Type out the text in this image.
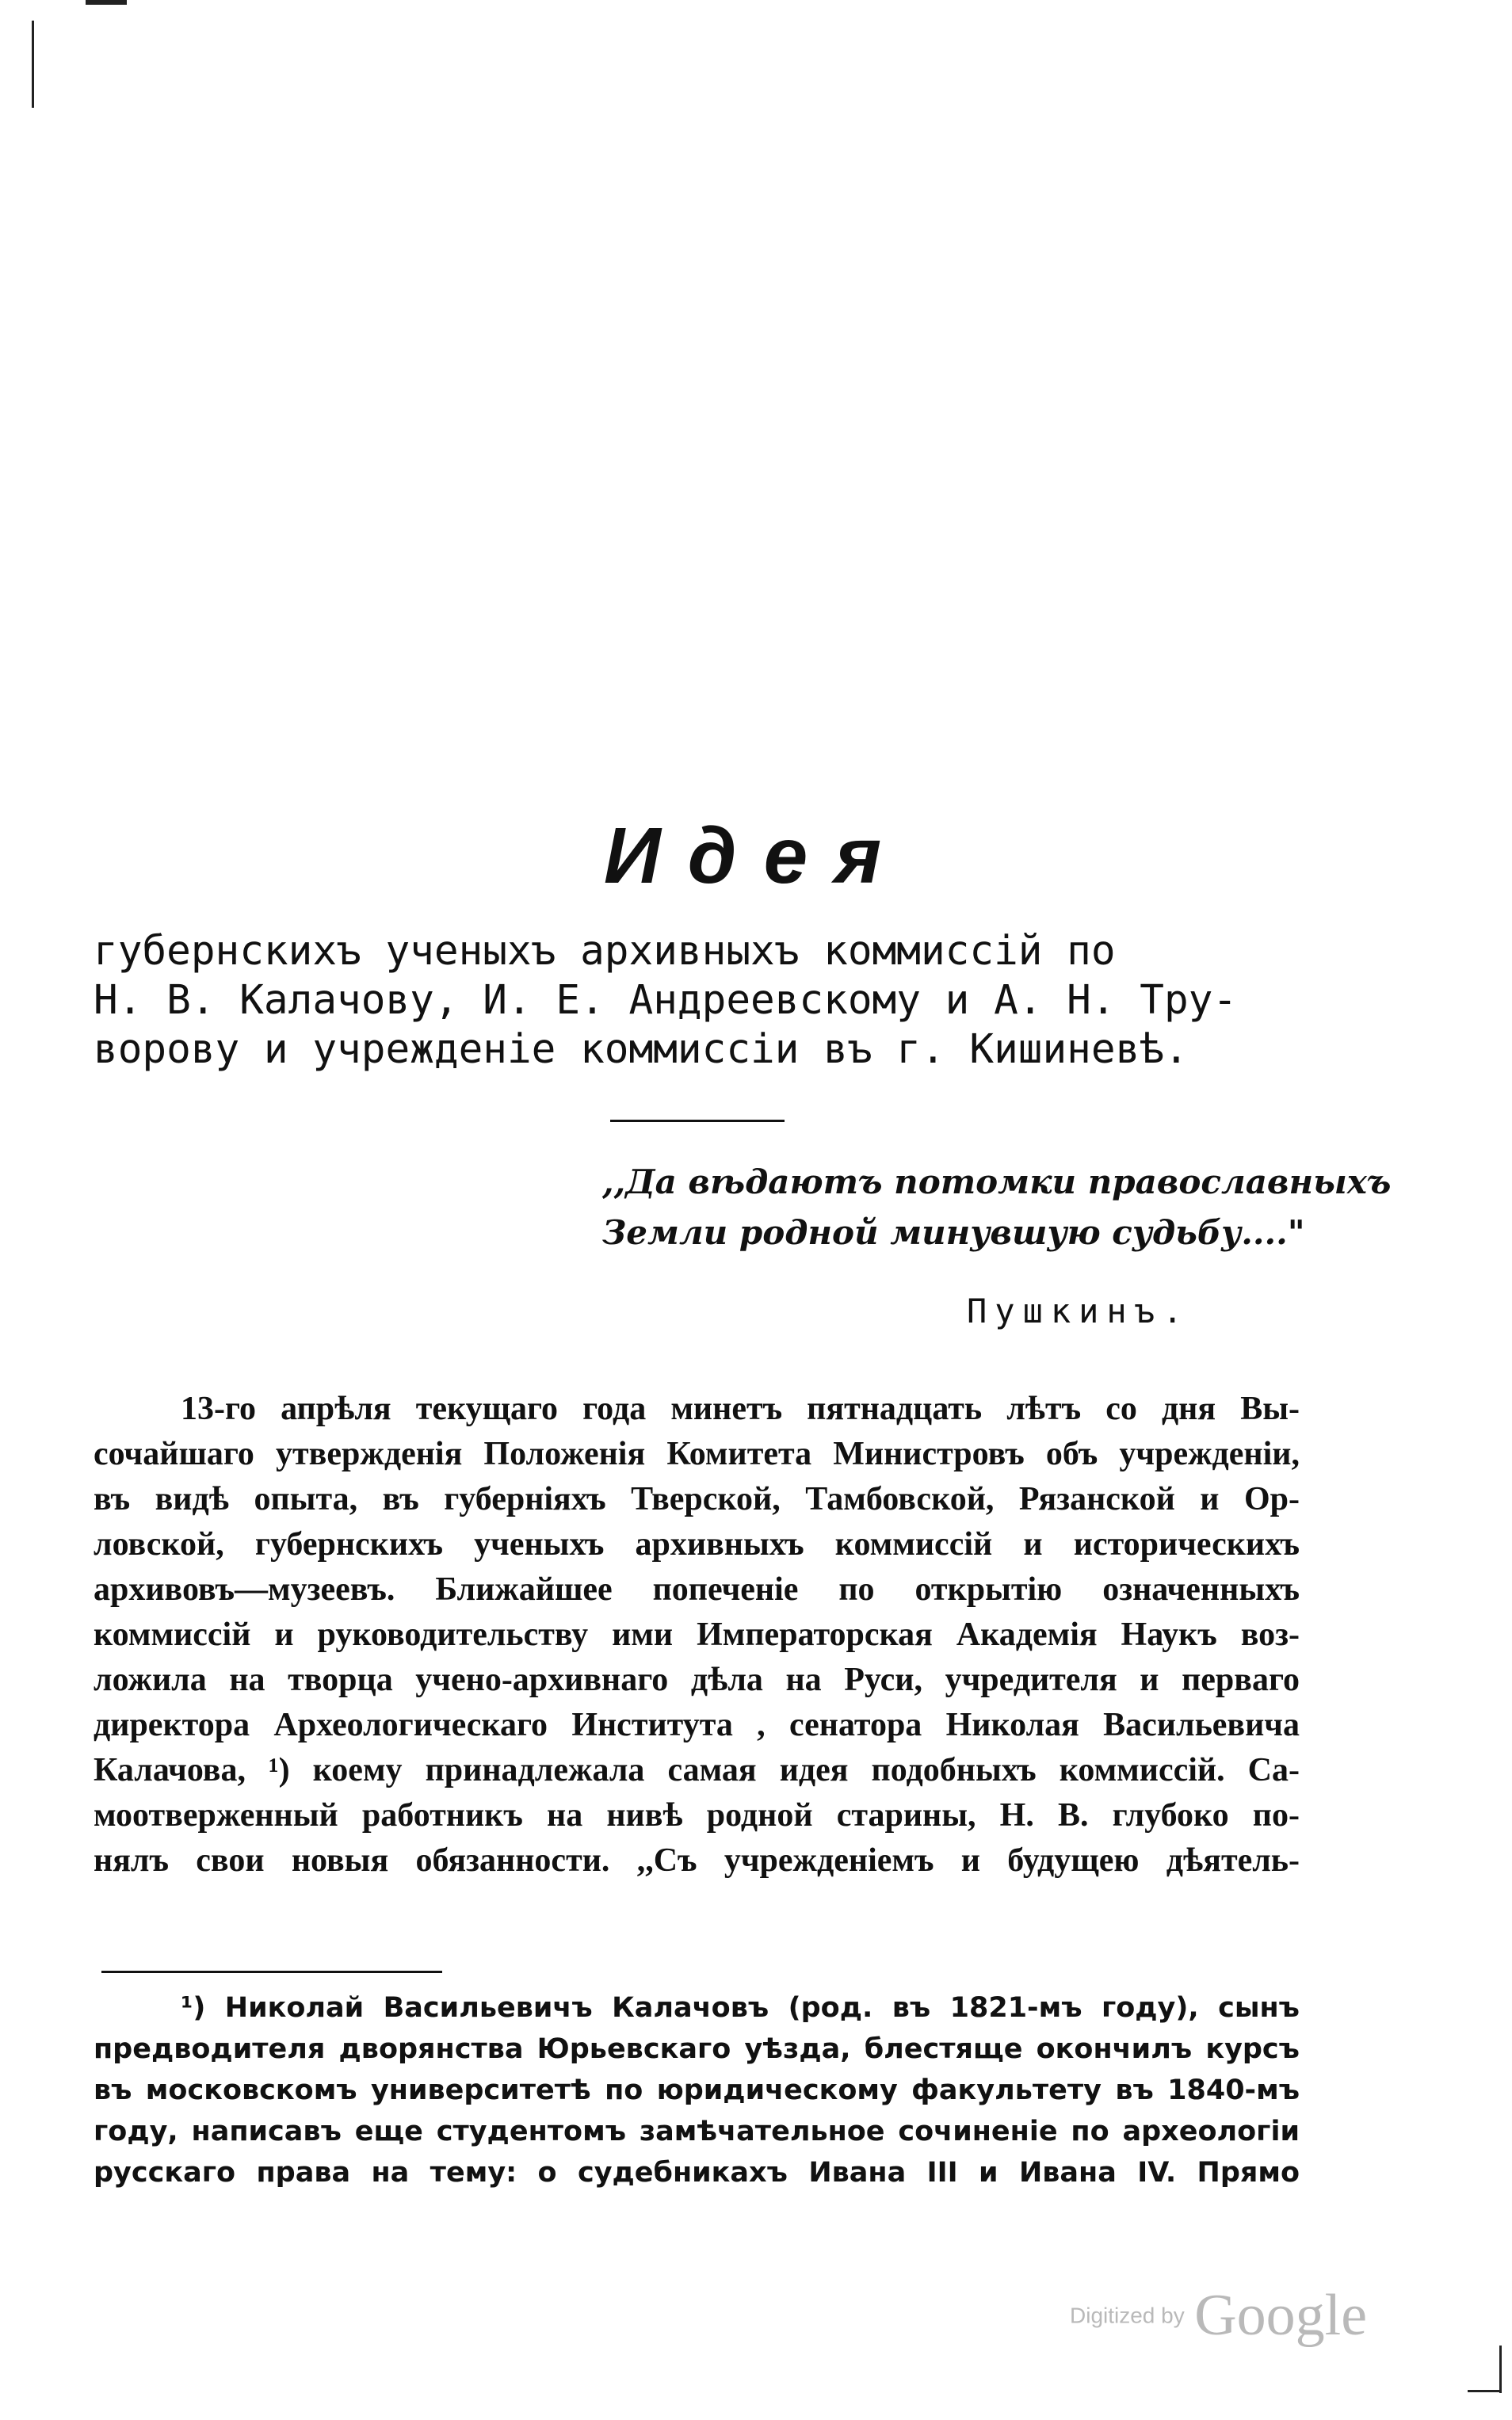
Идея
губернскихъ ученыхъ архивныхъ коммиссій по
Н. В. Калачову, И. Е. Андреевскому и А. Н. Тру-
ворову и учрежденіе коммиссіи въ г. Кишиневѣ.
,,Да вѣдаютъ потомки православныхъ
Земли родной минувшую судьбу...."
Пушкинъ.
13-го апрѣля текущаго года минетъ пятнадцать лѣтъ со дня Вы-
сочайшаго утвержденія Положенія Комитета Министровъ объ учрежденіи,
въ видѣ опыта, въ губерніяхъ Тверской, Тамбовской, Рязанской и Ор-
ловской, губернскихъ ученыхъ архивныхъ коммиссій и историческихъ
архивовъ—музеевъ. Ближайшее попеченіе по открытію означенныхъ
коммиссій и руководительству ими Императорская Академія Наукъ воз-
ложила на творца учено-архивнаго дѣла на Руси, учредителя и перваго
директора Археологическаго Института , сенатора Николая Васильевича
Калачова, ¹) коему принадлежала самая идея подобныхъ коммиссій. Са-
моотверженный работникъ на нивѣ родной старины, Н. В. глубоко по-
нялъ свои новыя обязанности. ,,Съ учрежденіемъ и будущею дѣятель-
¹) Николай Васильевичъ Калачовъ (род. въ 1821-мъ году), сынъ
предводителя дворянства Юрьевскаго уѣзда, блестяще окончилъ курсъ
въ московскомъ университетѣ по юридическому факультету въ 1840-мъ
году, написавъ еще студентомъ замѣчательное сочиненіе по археологіи
русскаго права на тему: о судебникахъ Ивана III и Ивана IV. Прямо
Digitized by Google
